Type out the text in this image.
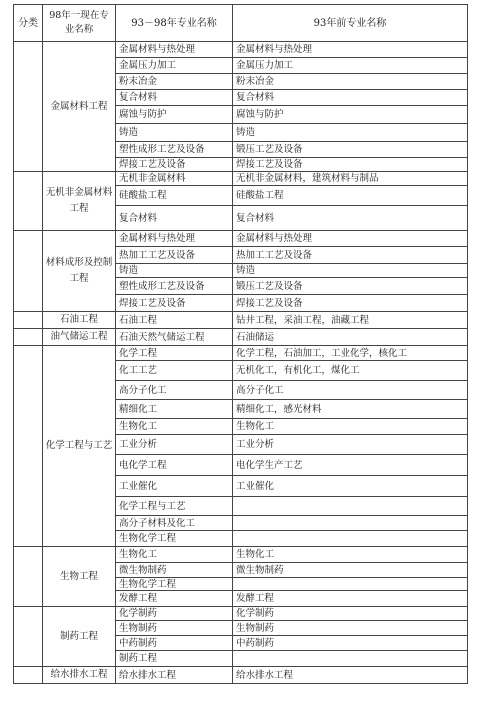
分类	98年一现在专业名称	93－98年专业名称	93年前专业名称
	金属材料工程	金属材料与热处理	金属材料与热处理
		金属压力加工	金属压力加工
		粉末冶金	粉末冶金
		复合材料	复合材料
		腐蚀与防护	腐蚀与防护
		铸造	铸造
		塑性成形工艺及设备	锻压工艺及设备
		焊接工艺及设备	焊接工艺及设备
	无机非金属材料工程	无机非金属材料	无机非金属材料，建筑材料与制品
		硅酸盐工程	硅酸盐工程
		复合材料	复合材料
	材料成形及控制工程	金属材料与热处理	金属材料与热处理
		热加工工艺及设备	热加工工艺及设备
		铸造	铸造
		塑性成形工艺及设备	锻压工艺及设备
		焊接工艺及设备	焊接工艺及设备
	石油工程	石油工程	钻井工程，采油工程，油藏工程
	油气储运工程	石油天然气储运工程	石油储运
	化学工程与工艺	化学工程	化学工程，石油加工，工业化学，核化工
		化工工艺	无机化工，有机化工，煤化工
		高分子化工	高分子化工
		精细化工	精细化工，感光材料
		生物化工	生物化工
		工业分析	工业分析
		电化学工程	电化学生产工艺
		工业催化	工业催化
		化学工程与工艺	
		高分子材料及化工	
		生物化学工程	
	生物工程	生物化工	生物化工
		微生物制药	微生物制药
		生物化学工程	
		发酵工程	发酵工程
	制药工程	化学制药	化学制药
		生物制药	生物制药
		中药制药	中药制药
		制药工程	
	给水排水工程	给水排水工程	给水排水工程
